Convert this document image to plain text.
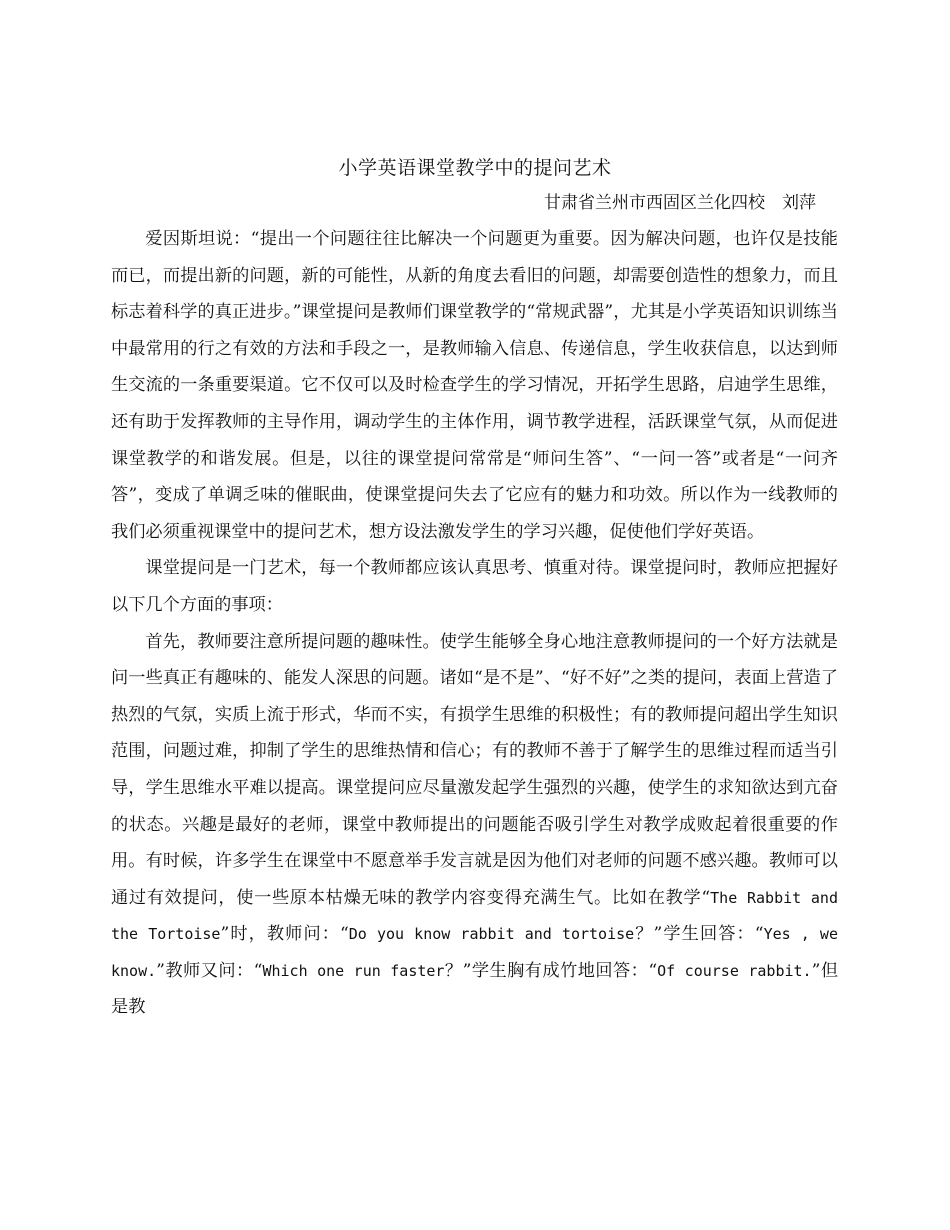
小学英语课堂教学中的提问艺术
甘肃省兰州市西固区兰化四校　刘萍

爱因斯坦说：“提出一个问题往往比解决一个问题更为重要。因为解决问题，也许仅是技能而已，而提出新的问题，新的可能性，从新的角度去看旧的问题，却需要创造性的想象力，而且标志着科学的真正进步。”课堂提问是教师们课堂教学的“常规武器”，尤其是小学英语知识训练当中最常用的行之有效的方法和手段之一，是教师输入信息、传递信息，学生收获信息，以达到师生交流的一条重要渠道。它不仅可以及时检查学生的学习情况，开拓学生思路，启迪学生思维，还有助于发挥教师的主导作用，调动学生的主体作用，调节教学进程，活跃课堂气氛，从而促进课堂教学的和谐发展。但是，以往的课堂提问常常是“师问生答”、“一问一答”或者是“一问齐答”，变成了单调乏味的催眠曲，使课堂提问失去了它应有的魅力和功效。所以作为一线教师的我们必须重视课堂中的提问艺术，想方设法激发学生的学习兴趣，促使他们学好英语。

课堂提问是一门艺术，每一个教师都应该认真思考、慎重对待。课堂提问时，教师应把握好以下几个方面的事项：

首先，教师要注意所提问题的趣味性。使学生能够全身心地注意教师提问的一个好方法就是问一些真正有趣味的、能发人深思的问题。诸如“是不是”、“好不好”之类的提问，表面上营造了热烈的气氛，实质上流于形式，华而不实，有损学生思维的积极性；有的教师提问超出学生知识范围，问题过难，抑制了学生的思维热情和信心；有的教师不善于了解学生的思维过程而适当引导，学生思维水平难以提高。课堂提问应尽量激发起学生强烈的兴趣，使学生的求知欲达到亢奋的状态。兴趣是最好的老师，课堂中教师提出的问题能否吸引学生对教学成败起着很重要的作用。有时候，许多学生在课堂中不愿意举手发言就是因为他们对老师的问题不感兴趣。教师可以通过有效提问，使一些原本枯燥无味的教学内容变得充满生气。比如在教学“The Rabbit and the Tortoise”时，教师问：“Do you know rabbit and tortoise？”学生回答：“Yes , we know.”教师又问：“Which one run faster？”学生胸有成竹地回答：“Of course rabbit.”但是教
